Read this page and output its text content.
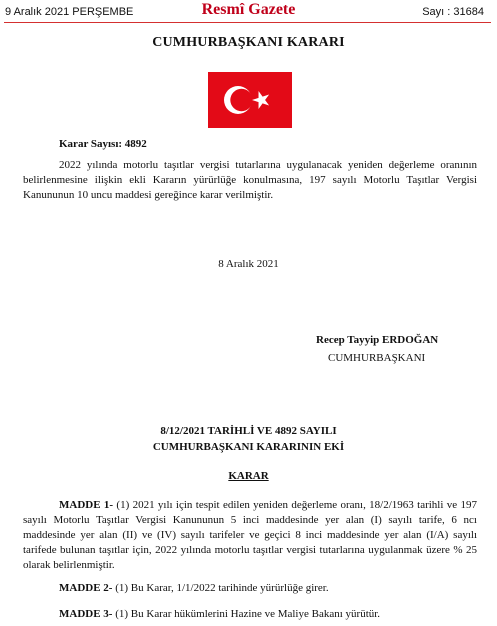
9 Aralık 2021 PERŞEMBE	Resmî Gazete	Sayı : 31684
CUMHURBAŞKANI KARARI
Karar Sayısı: 4892
2022 yılında motorlu taşıtlar vergisi tutarlarına uygulanacak yeniden değerleme oranının belirlenmesine ilişkin ekli Kararın yürürlüğe konulmasına, 197 sayılı Motorlu Taşıtlar Vergisi Kanununun 10 uncu maddesi gereğince karar verilmiştir.
8 Aralık 2021
Recep Tayyip ERDOĞAN
CUMHURBAŞKANI
8/12/2021 TARİHLİ VE 4892 SAYILI
CUMHURBAŞKANI KARARININ EKİ
KARAR
MADDE 1- (1) 2021 yılı için tespit edilen yeniden değerleme oranı, 18/2/1963 tarihli ve 197 sayılı Motorlu Taşıtlar Vergisi Kanununun 5 inci maddesinde yer alan (I) sayılı tarife, 6 ncı maddesinde yer alan (II) ve (IV) sayılı tarifeler ve geçici 8 inci maddesinde yer alan (I/A) sayılı tarifede bulunan taşıtlar için, 2022 yılında motorlu taşıtlar vergisi tutarlarına uygulanmak üzere % 25 olarak belirlenmiştir.
MADDE 2- (1) Bu Karar, 1/1/2022 tarihinde yürürlüğe girer.
MADDE 3- (1) Bu Karar hükümlerini Hazine ve Maliye Bakanı yürütür.
